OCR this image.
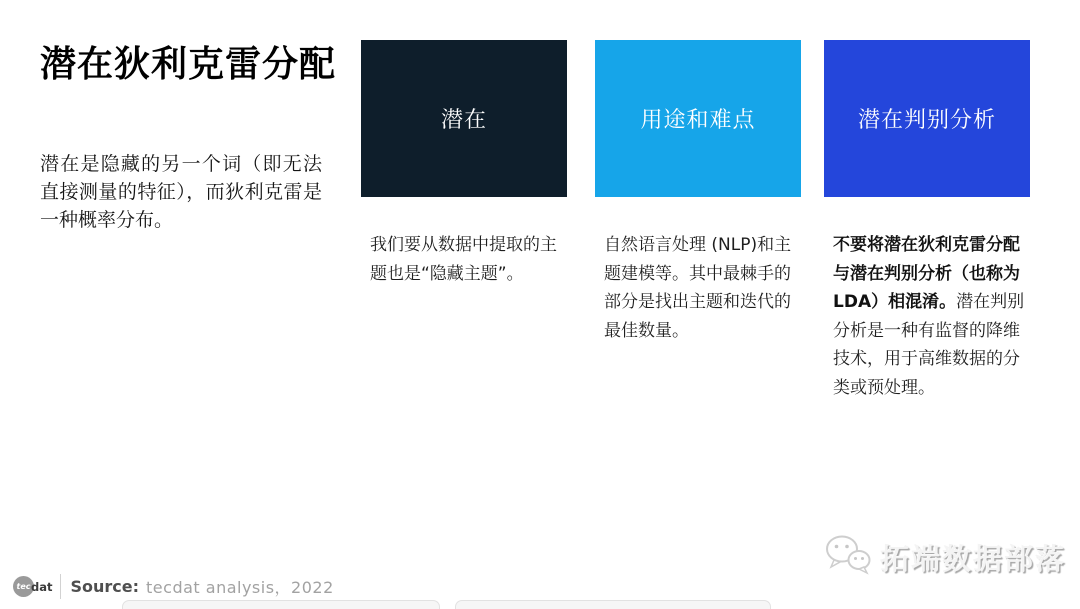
潜在狄利克雷分配

潜在是隐藏的另一个词（即无法直接测量的特征），而狄利克雷是一种概率分布。

潜在

我们要从数据中提取的主题也是“隐藏主题”。

用途和难点

自然语言处理 (NLP)和主题建模等。其中最棘手的部分是找出主题和迭代的最佳数量。

潜在判别分析

不要将潜在狄利克雷分配与潜在判别分析（也称为LDA）相混淆。潜在判别分析是一种有监督的降维技术，用于高维数据的分类或预处理。

tec dat Source: tecdat analysis，2022
拓端数据部落
